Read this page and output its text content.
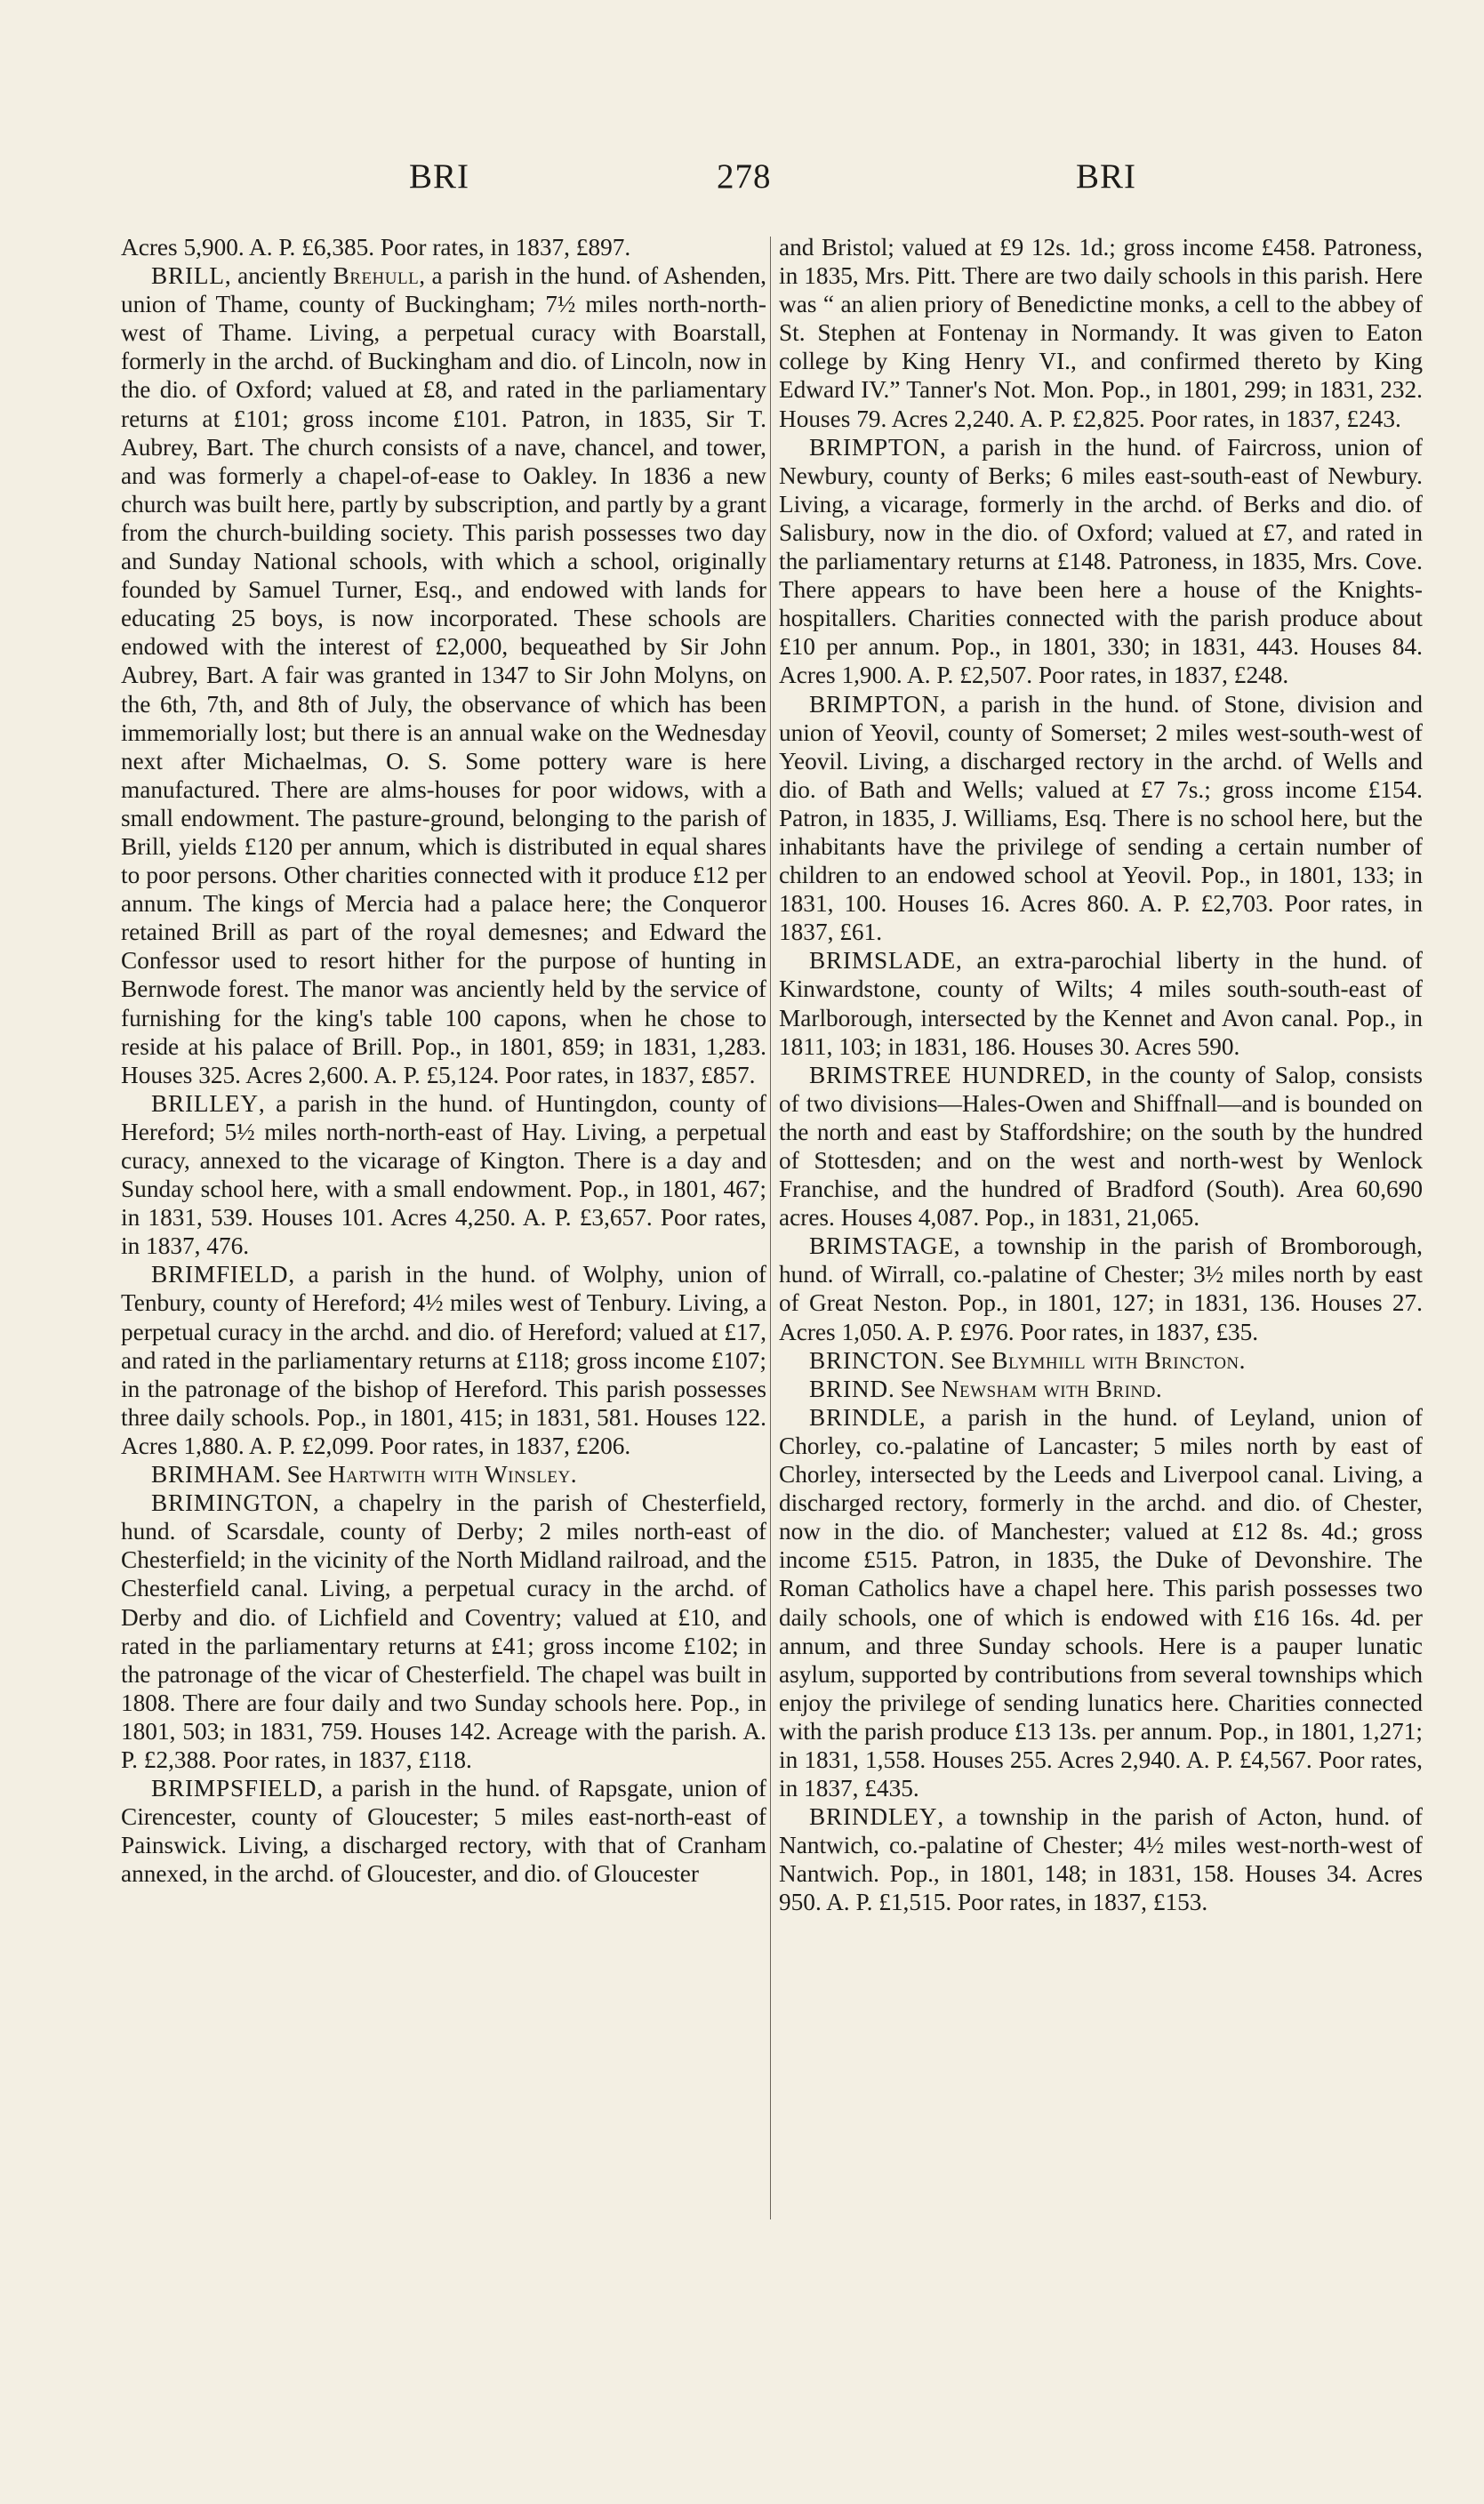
BRI	278	BRI

Acres 5,900. A. P. £6,385. Poor rates, in 1837, £897.

BRILL, anciently Brehull, a parish in the hund. of Ashenden, union of Thame, county of Buckingham; 7½ miles north-north-west of Thame. Living, a perpetual curacy with Boarstall, formerly in the archd. of Buckingham and dio. of Lincoln, now in the dio. of Oxford; valued at £8, and rated in the parliamentary returns at £101; gross income £101. Patron, in 1835, Sir T. Aubrey, Bart. The church consists of a nave, chancel, and tower, and was formerly a chapel-of-ease to Oakley. In 1836 a new church was built here, partly by subscription, and partly by a grant from the church-building society. This parish possesses two day and Sunday National schools, with which a school, originally founded by Samuel Turner, Esq., and endowed with lands for educating 25 boys, is now incorporated. These schools are endowed with the interest of £2,000, bequeathed by Sir John Aubrey, Bart. A fair was granted in 1347 to Sir John Molyns, on the 6th, 7th, and 8th of July, the observance of which has been immemorially lost; but there is an annual wake on the Wednesday next after Michaelmas, O. S. Some pottery ware is here manufactured. There are alms-houses for poor widows, with a small endowment. The pasture-ground, belonging to the parish of Brill, yields £120 per annum, which is distributed in equal shares to poor persons. Other charities connected with it produce £12 per annum. The kings of Mercia had a palace here; the Conqueror retained Brill as part of the royal demesnes; and Edward the Confessor used to resort hither for the purpose of hunting in Bernwode forest. The manor was anciently held by the service of furnishing for the king's table 100 capons, when he chose to reside at his palace of Brill. Pop., in 1801, 859; in 1831, 1,283. Houses 325. Acres 2,600. A. P. £5,124. Poor rates, in 1837, £857.

BRILLEY, a parish in the hund. of Huntingdon, county of Hereford; 5½ miles north-north-east of Hay. Living, a perpetual curacy, annexed to the vicarage of Kington. There is a day and Sunday school here, with a small endowment. Pop., in 1801, 467; in 1831, 539. Houses 101. Acres 4,250. A. P. £3,657. Poor rates, in 1837, 476.

BRIMFIELD, a parish in the hund. of Wolphy, union of Tenbury, county of Hereford; 4½ miles west of Tenbury. Living, a perpetual curacy in the archd. and dio. of Hereford; valued at £17, and rated in the parliamentary returns at £118; gross income £107; in the patronage of the bishop of Hereford. This parish possesses three daily schools. Pop., in 1801, 415; in 1831, 581. Houses 122. Acres 1,880. A. P. £2,099. Poor rates, in 1837, £206.

BRIMHAM. See Hartwith with Winsley.

BRIMINGTON, a chapelry in the parish of Chesterfield, hund. of Scarsdale, county of Derby; 2 miles north-east of Chesterfield; in the vicinity of the North Midland railroad, and the Chesterfield canal. Living, a perpetual curacy in the archd. of Derby and dio. of Lichfield and Coventry; valued at £10, and rated in the parliamentary returns at £41; gross income £102; in the patronage of the vicar of Chesterfield. The chapel was built in 1808. There are four daily and two Sunday schools here. Pop., in 1801, 503; in 1831, 759. Houses 142. Acreage with the parish. A. P. £2,388. Poor rates, in 1837, £118.

BRIMPSFIELD, a parish in the hund. of Rapsgate, union of Cirencester, county of Gloucester; 5 miles east-north-east of Painswick. Living, a discharged rectory, with that of Cranham annexed, in the archd. of Gloucester, and dio. of Gloucester

and Bristol; valued at £9 12s. 1d.; gross income £458. Patroness, in 1835, Mrs. Pitt. There are two daily schools in this parish. Here was “ an alien priory of Benedictine monks, a cell to the abbey of St. Stephen at Fontenay in Normandy. It was given to Eaton college by King Henry VI., and confirmed thereto by King Edward IV.” Tanner's Not. Mon. Pop., in 1801, 299; in 1831, 232. Houses 79. Acres 2,240. A. P. £2,825. Poor rates, in 1837, £243.

BRIMPTON, a parish in the hund. of Faircross, union of Newbury, county of Berks; 6 miles east-south-east of Newbury. Living, a vicarage, formerly in the archd. of Berks and dio. of Salisbury, now in the dio. of Oxford; valued at £7, and rated in the parliamentary returns at £148. Patroness, in 1835, Mrs. Cove. There appears to have been here a house of the Knights-hospitallers. Charities connected with the parish produce about £10 per annum. Pop., in 1801, 330; in 1831, 443. Houses 84. Acres 1,900. A. P. £2,507. Poor rates, in 1837, £248.

BRIMPTON, a parish in the hund. of Stone, division and union of Yeovil, county of Somerset; 2 miles west-south-west of Yeovil. Living, a discharged rectory in the archd. of Wells and dio. of Bath and Wells; valued at £7 7s.; gross income £154. Patron, in 1835, J. Williams, Esq. There is no school here, but the inhabitants have the privilege of sending a certain number of children to an endowed school at Yeovil. Pop., in 1801, 133; in 1831, 100. Houses 16. Acres 860. A. P. £2,703. Poor rates, in 1837, £61.

BRIMSLADE, an extra-parochial liberty in the hund. of Kinwardstone, county of Wilts; 4 miles south-south-east of Marlborough, intersected by the Kennet and Avon canal. Pop., in 1811, 103; in 1831, 186. Houses 30. Acres 590.

BRIMSTREE HUNDRED, in the county of Salop, consists of two divisions—Hales-Owen and Shiffnall—and is bounded on the north and east by Staffordshire; on the south by the hundred of Stottesden; and on the west and north-west by Wenlock Franchise, and the hundred of Bradford (South). Area 60,690 acres. Houses 4,087. Pop., in 1831, 21,065.

BRIMSTAGE, a township in the parish of Bromborough, hund. of Wirrall, co.-palatine of Chester; 3½ miles north by east of Great Neston. Pop., in 1801, 127; in 1831, 136. Houses 27. Acres 1,050. A. P. £976. Poor rates, in 1837, £35.

BRINCTON. See Blymhill with Brincton.

BRIND. See Newsham with Brind.

BRINDLE, a parish in the hund. of Leyland, union of Chorley, co.-palatine of Lancaster; 5 miles north by east of Chorley, intersected by the Leeds and Liverpool canal. Living, a discharged rectory, formerly in the archd. and dio. of Chester, now in the dio. of Manchester; valued at £12 8s. 4d.; gross income £515. Patron, in 1835, the Duke of Devonshire. The Roman Catholics have a chapel here. This parish possesses two daily schools, one of which is endowed with £16 16s. 4d. per annum, and three Sunday schools. Here is a pauper lunatic asylum, supported by contributions from several townships which enjoy the privilege of sending lunatics here. Charities connected with the parish produce £13 13s. per annum. Pop., in 1801, 1,271; in 1831, 1,558. Houses 255. Acres 2,940. A. P. £4,567. Poor rates, in 1837, £435.

BRINDLEY, a township in the parish of Acton, hund. of Nantwich, co.-palatine of Chester; 4½ miles west-north-west of Nantwich. Pop., in 1801, 148; in 1831, 158. Houses 34. Acres 950. A. P. £1,515. Poor rates, in 1837, £153.
